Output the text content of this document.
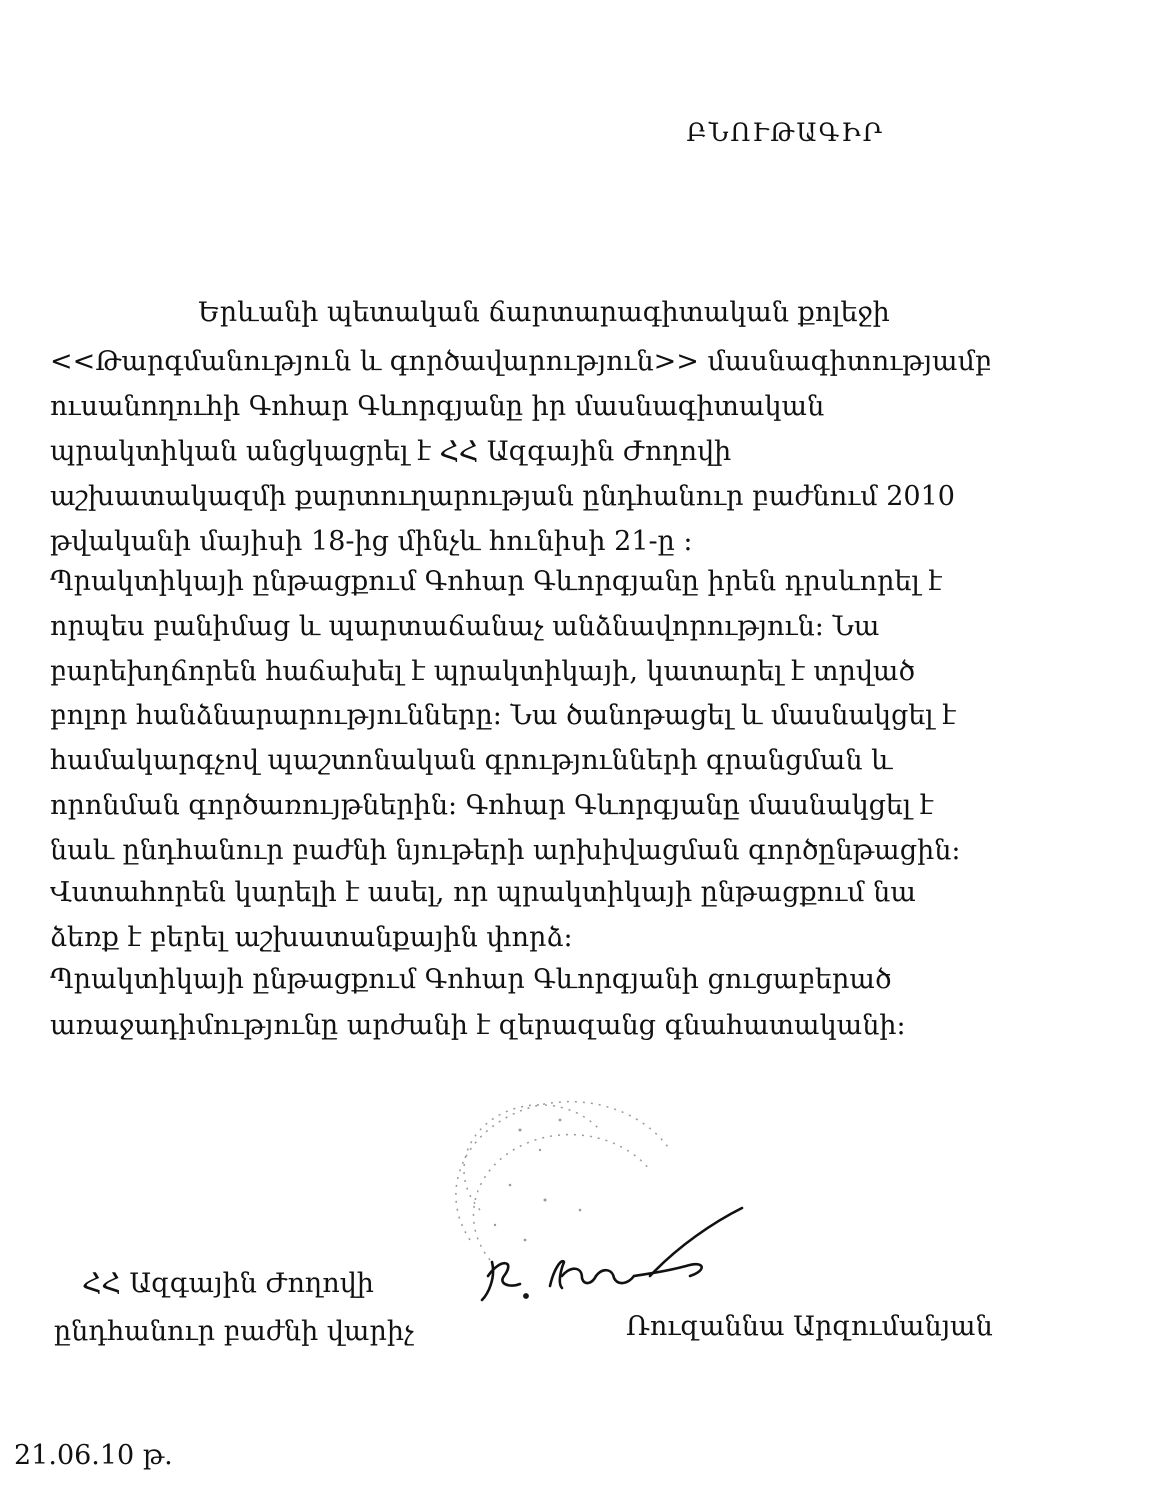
ԲՆՈՒԹԱԳԻՐ
Երևանի պետական ճարտարագիտական քոլեջի
<<Թարգմանություն և գործավարություն>> մասնագիտությամբ
ուսանողուհի Գոհար Գևորգյանը իր մասնագիտական
պրակտիկան անցկացրել է ՀՀ Ազգային Ժողովի
աշխատակազմի քարտուղարության ընդհանուր բաժնում 2010
թվականի մայիսի 18-ից մինչև հունիսի 21-ը :
Պրակտիկայի ընթացքում Գոհար Գևորգյանը իրեն դրսևորել է
որպես բանիմաց և պարտաճանաչ անձնավորություն: Նա
բարեխղճորեն հաճախել է պրակտիկայի, կատարել է տրված
բոլոր հանձնարարությունները: Նա ծանոթացել և մասնակցել է
համակարգչով պաշտոնական գրությունների գրանցման և
որոնման գործառույթներին: Գոհար Գևորգյանը մասնակցել է
նաև ընդհանուր բաժնի նյութերի արխիվացման գործընթացին:
Վստահորեն կարելի է ասել, որ պրակտիկայի ընթացքում նա
ձեռք է բերել աշխատանքային փորձ:
Պրակտիկայի ընթացքում Գոհար Գևորգյանի ցուցաբերած
առաջադիմությունը արժանի է զերազանց գնահատականի:
ՀՀ Ազգային Ժողովի
ընդհանուր բաժնի վարիչ	Ռուզաննա Արզումանյան
21.06.10 թ.
